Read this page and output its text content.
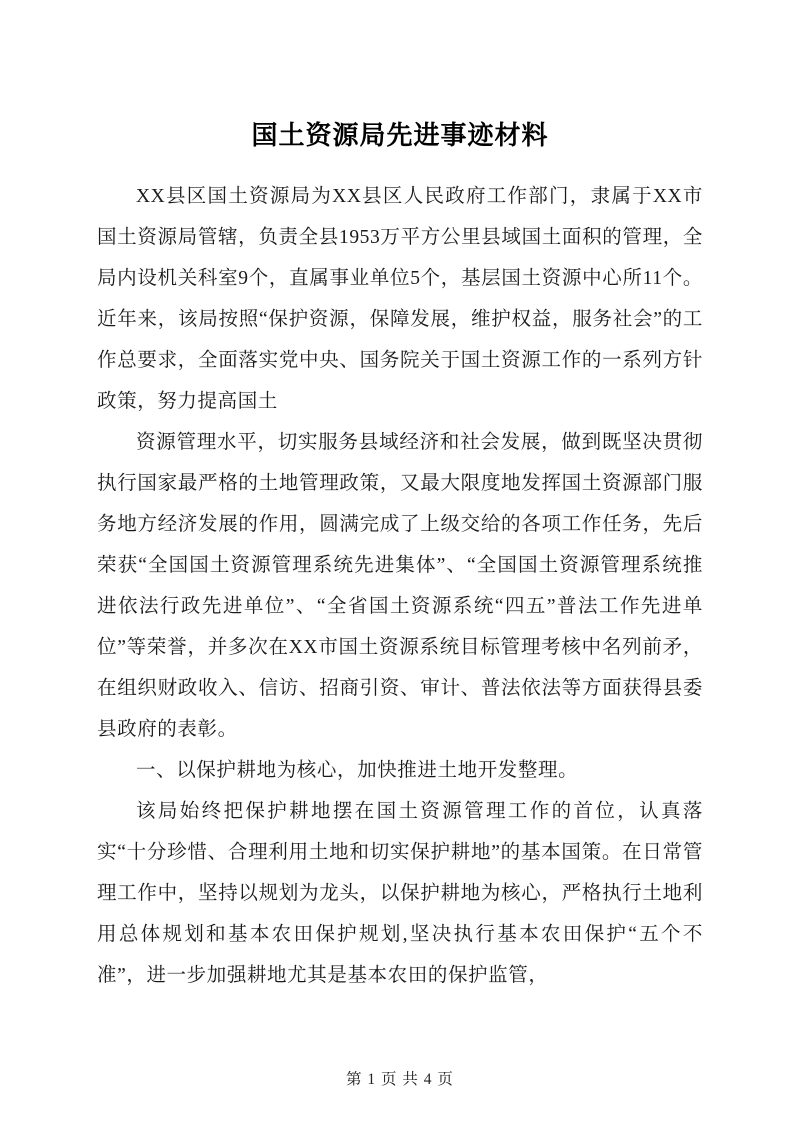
国土资源局先进事迹材料

XX县区国土资源局为XX县区人民政府工作部门，隶属于XX市国土资源局管辖，负责全县1953万平方公里县域国土面积的管理，全局内设机关科室9个，直属事业单位5个，基层国土资源中心所11个。近年来，该局按照“保护资源，保障发展，维护权益，服务社会”的工作总要求，全面落实党中央、国务院关于国土资源工作的一系列方针政策，努力提高国土

资源管理水平，切实服务县域经济和社会发展，做到既坚决贯彻执行国家最严格的土地管理政策，又最大限度地发挥国土资源部门服务地方经济发展的作用，圆满完成了上级交给的各项工作任务，先后荣获“全国国土资源管理系统先进集体”、“全国国土资源管理系统推进依法行政先进单位”、“全省国土资源系统“四五”普法工作先进单位”等荣誉，并多次在XX市国土资源系统目标管理考核中名列前矛，在组织财政收入、信访、招商引资、审计、普法依法等方面获得县委县政府的表彰。

一、以保护耕地为核心，加快推进土地开发整理。

该局始终把保护耕地摆在国土资源管理工作的首位，认真落实“十分珍惜、合理利用土地和切实保护耕地”的基本国策。在日常管理工作中，坚持以规划为龙头，以保护耕地为核心，严格执行土地利用总体规划和基本农田保护规划,坚决执行基本农田保护“五个不准”，进一步加强耕地尤其是基本农田的保护监管，

第 1 页 共 4 页
